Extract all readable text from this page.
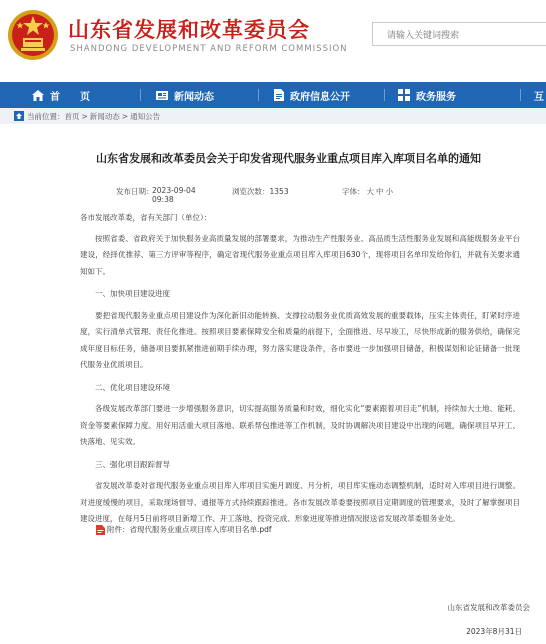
山东省发展和改革委员会
SHANDONG DEVELOPMENT AND REFORM COMMISSION
请输入关键词搜索
首　　页	新闻动态	政府信息公开	政务服务	互
当前位置： 首页 > 新闻动态 > 通知公告
山东省发展和改革委员会关于印发省现代服务业重点项目库入库项目名单的通知
发布日期：
2023-09-04 09:38
浏览次数：1353	字体： 大 中 小

各市发展改革委，省有关部门（单位）：

按照省委、省政府关于加快服务业高质量发展的部署要求，为推动生产性服务业、高品质生活性服务业发展和高能级服务业平台建设，经择优推荐、第三方评审等程序，确定省现代服务业重点项目库入库项目630个，现将项目名单印发给你们，并就有关要求通知如下。

一、加快项目建设进度

要把省现代服务业重点项目建设作为深化新旧动能转换、支撑拉动服务业优质高效发展的重要载体，压实主体责任，盯紧时序进度，实行清单式管理、责任化推进。按照项目要素保障安全和质量的前提下，全面推进、尽早竣工，尽快形成新的服务供给，确保完成年度目标任务，储备项目要抓紧推进前期手续办理，努力落实建设条件，各市要进一步加强项目储备，积极谋划和论证储备一批现代服务业优质项目。

二、优化项目建设环境

各级发展改革部门要进一步增强服务意识，切实提高服务质量和时效，细化实化“要素跟着项目走”机制，持续加大土地、能耗、资金等要素保障力度。用好用活重大项目落地、联系帮包推进等工作机制，及时协调解决项目建设中出现的问题，确保项目早开工、快落地、见实效。

三、强化项目跟踪督导

省发展改革委对省现代服务业重点项目库入库项目实施月调度、月分析，项目库实施动态调整机制，适时对入库项目进行调整。对进度缓慢的项目，采取现场督导、通报等方式持续跟踪推进。各市发展改革委要按照项目定期调度的管理要求，及时了解掌握项目建设进度，在每月5日前将项目新增工作、开工落地、投资完成、形象进度等推进情况报送省发展改革委服务业处。

附件：省现代服务业重点项目库入库项目名单.pdf
山东省发展和改革委员会
2023年8月31日
